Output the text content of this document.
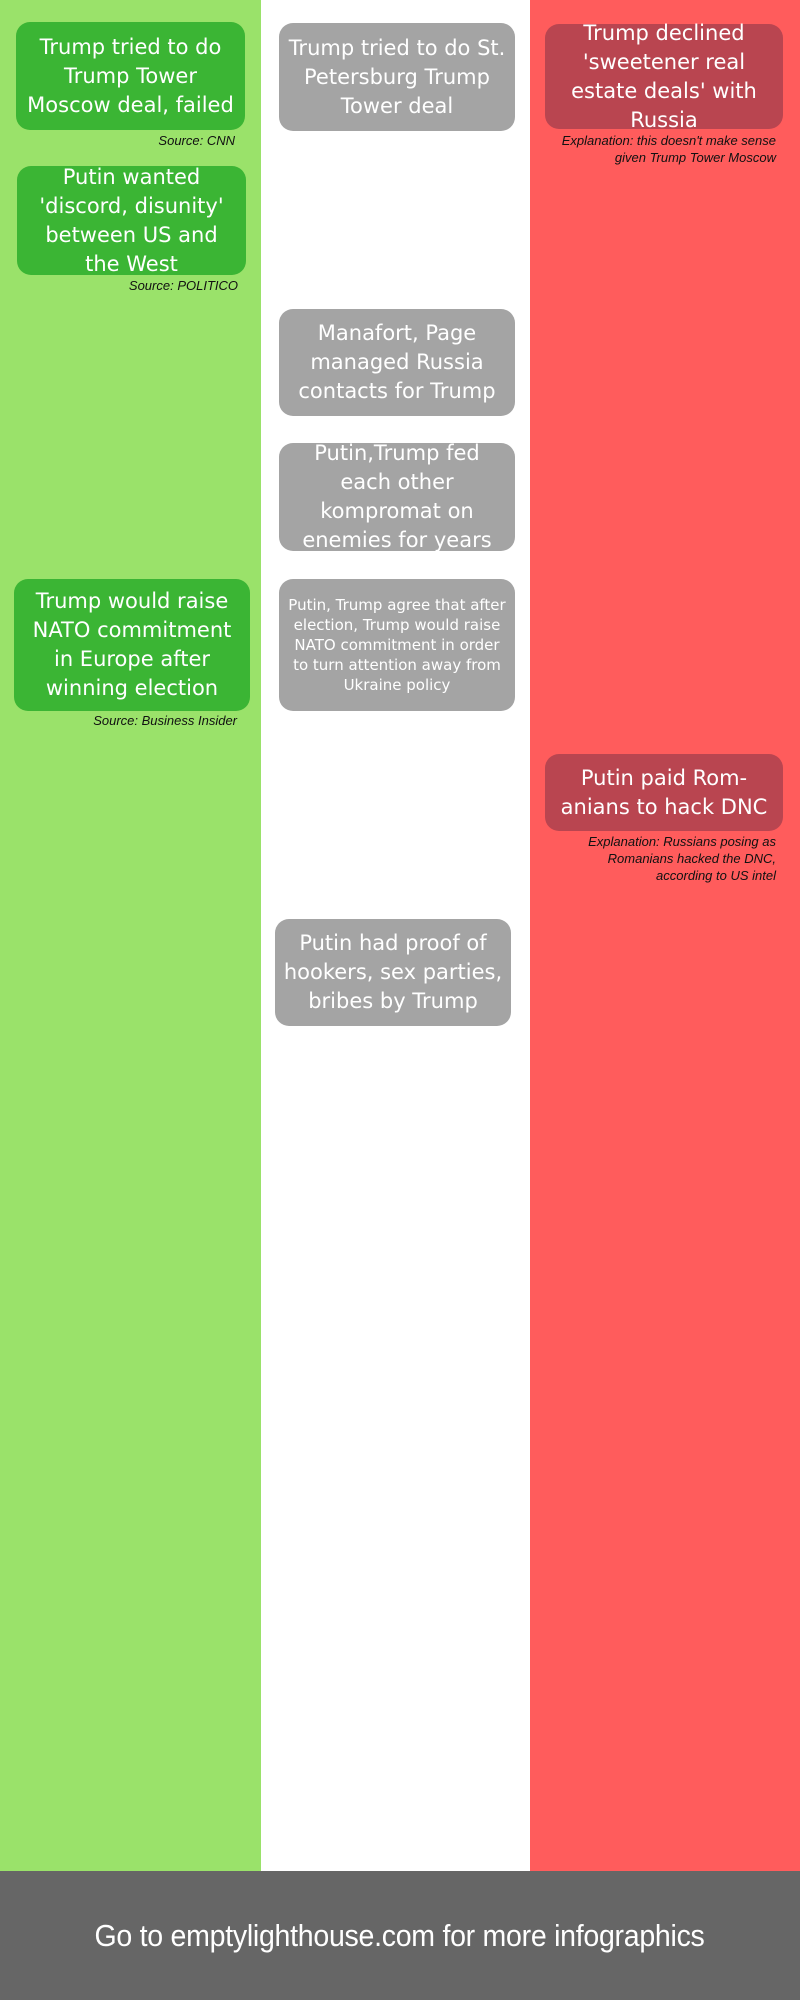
Trump tried to do Trump Tower Moscow deal, failed
Source: CNN
Putin wanted 'discord, disunity' between US and the West
Source: POLITICO
Trump would raise NATO commitment in Europe after winning election
Source: Business Insider
Trump tried to do St. Petersburg Trump Tower deal
Manafort, Page managed Russia contacts for Trump
Putin,Trump fed each other kompromat on enemies for years
Putin, Trump agree that after election, Trump would raise NATO commitment in order to turn attention away from Ukraine policy
Putin had proof of hookers, sex parties, bribes by Trump
Trump declined 'sweetener real estate deals' with Russia
Explanation: this doesn't make sense given Trump Tower Moscow
Putin paid Rom-anians to hack DNC
Explanation: Russians posing as Romanians hacked the DNC, according to US intel
Go to emptylighthouse.com for more infographics
